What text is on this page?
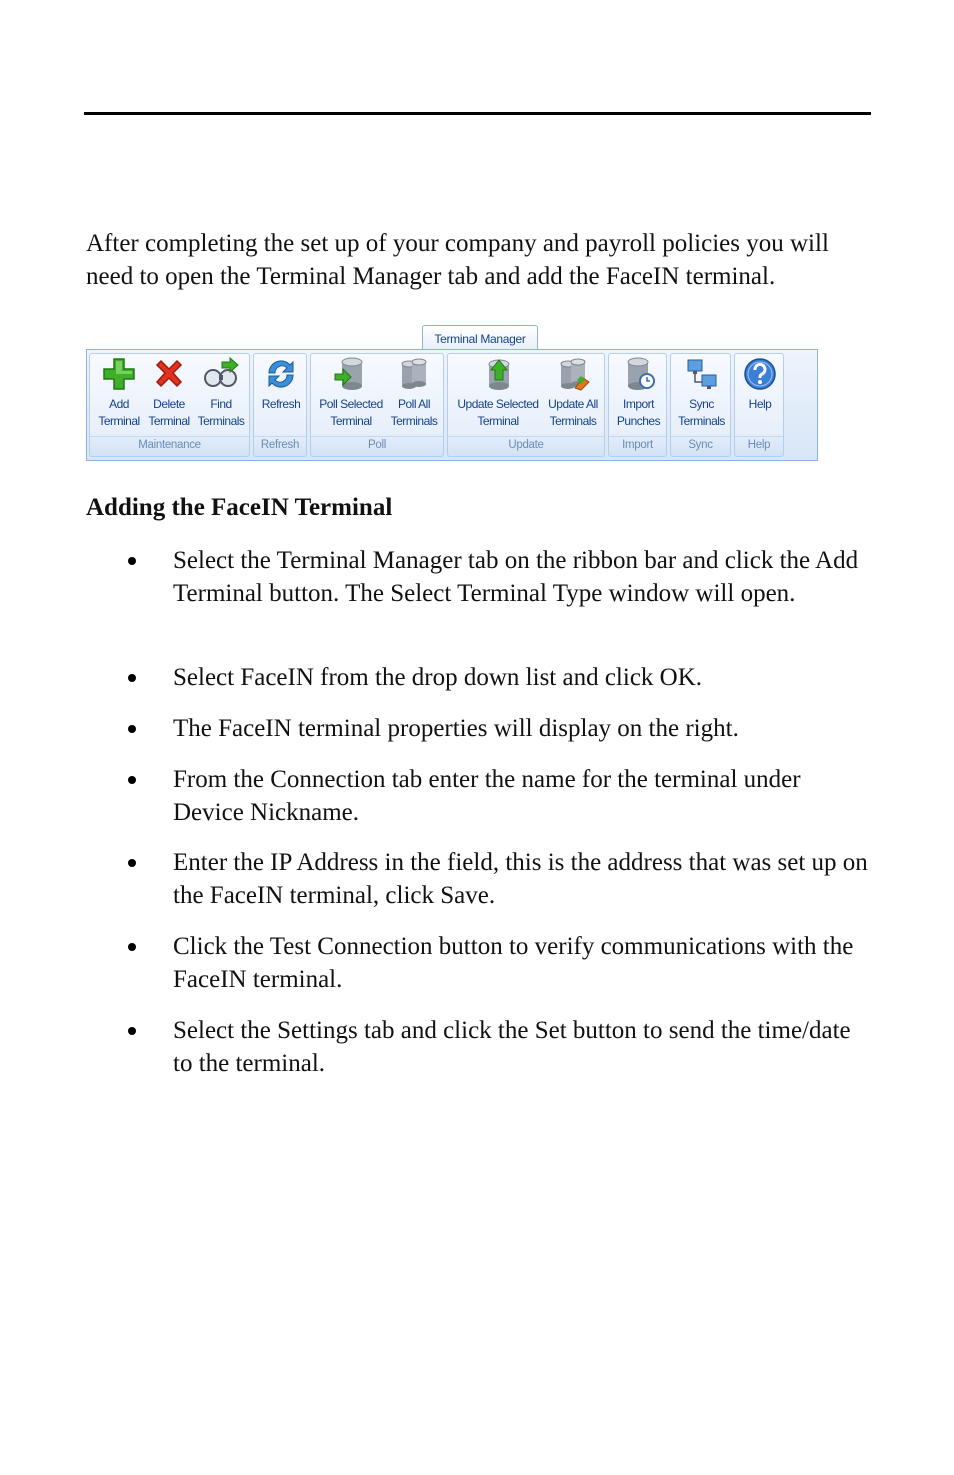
After completing the set up of your company and payroll policies you will need to open the Terminal Manager tab and add the FaceIN terminal.

Terminal Manager
Add
Terminal
Delete
Terminal
Find
Terminals
Maintenance
Refresh
Refresh
Poll Selected
Terminal
Poll All
Terminals
Poll
Update Selected
Terminal
Update All
Terminals
Update
Import
Punches
Import
Sync
Terminals
Sync
Help
Help
Adding the FaceIN Terminal
Select the Terminal Manager tab on the ribbon bar and click the Add Terminal button. The Select Terminal Type window will open.
Select FaceIN from the drop down list and click OK.
The FaceIN terminal properties will display on the right.
From the Connection tab enter the name for the terminal under Device Nickname.
Enter the IP Address in the field, this is the address that was set up on the FaceIN terminal, click Save.
Click the Test Connection button to verify communications with the FaceIN terminal.
Select the Settings tab and click the Set button to send the time/date to the terminal.
